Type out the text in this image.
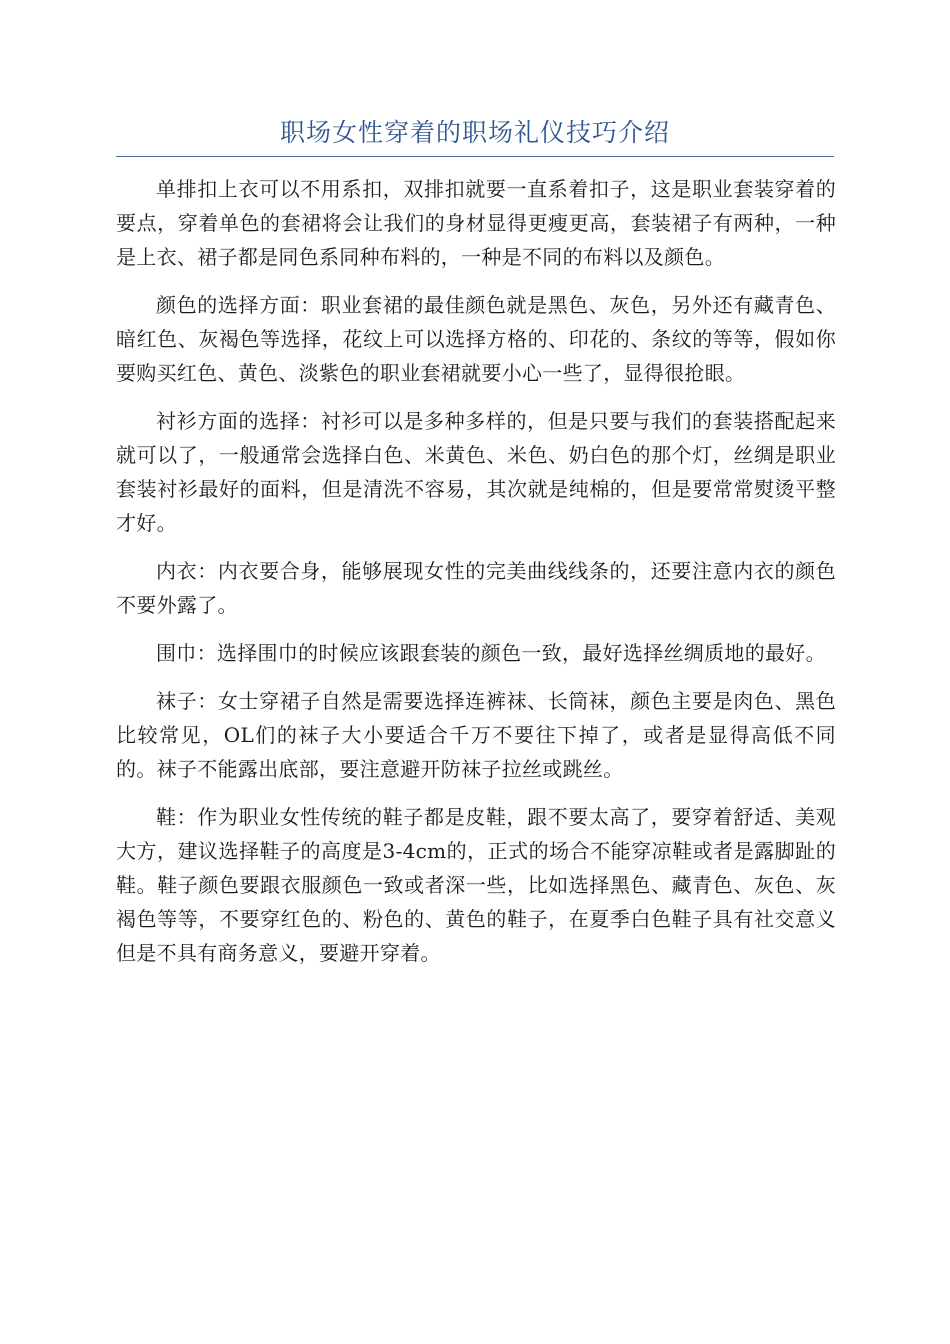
职场女性穿着的职场礼仪技巧介绍

单排扣上衣可以不用系扣，双排扣就要一直系着扣子，这是职业套装穿着的要点，穿着单色的套裙将会让我们的身材显得更瘦更高，套装裙子有两种，一种是上衣、裙子都是同色系同种布料的，一种是不同的布料以及颜色。

颜色的选择方面：职业套裙的最佳颜色就是黑色、灰色，另外还有藏青色、暗红色、灰褐色等选择，花纹上可以选择方格的、印花的、条纹的等等，假如你要购买红色、黄色、淡紫色的职业套裙就要小心一些了，显得很抢眼。

衬衫方面的选择：衬衫可以是多种多样的，但是只要与我们的套装搭配起来就可以了，一般通常会选择白色、米黄色、米色、奶白色的那个灯，丝绸是职业套装衬衫最好的面料，但是清洗不容易，其次就是纯棉的，但是要常常熨烫平整才好。

内衣：内衣要合身，能够展现女性的完美曲线线条的，还要注意内衣的颜色不要外露了。

围巾：选择围巾的时候应该跟套装的颜色一致，最好选择丝绸质地的最好。

袜子：女士穿裙子自然是需要选择连裤袜、长筒袜，颜色主要是肉色、黑色比较常见，OL们的袜子大小要适合千万不要往下掉了，或者是显得高低不同的。袜子不能露出底部，要注意避开防袜子拉丝或跳丝。

鞋：作为职业女性传统的鞋子都是皮鞋，跟不要太高了，要穿着舒适、美观大方，建议选择鞋子的高度是3-4cm的，正式的场合不能穿凉鞋或者是露脚趾的鞋。鞋子颜色要跟衣服颜色一致或者深一些，比如选择黑色、藏青色、灰色、灰褐色等等，不要穿红色的、粉色的、黄色的鞋子，在夏季白色鞋子具有社交意义但是不具有商务意义，要避开穿着。
